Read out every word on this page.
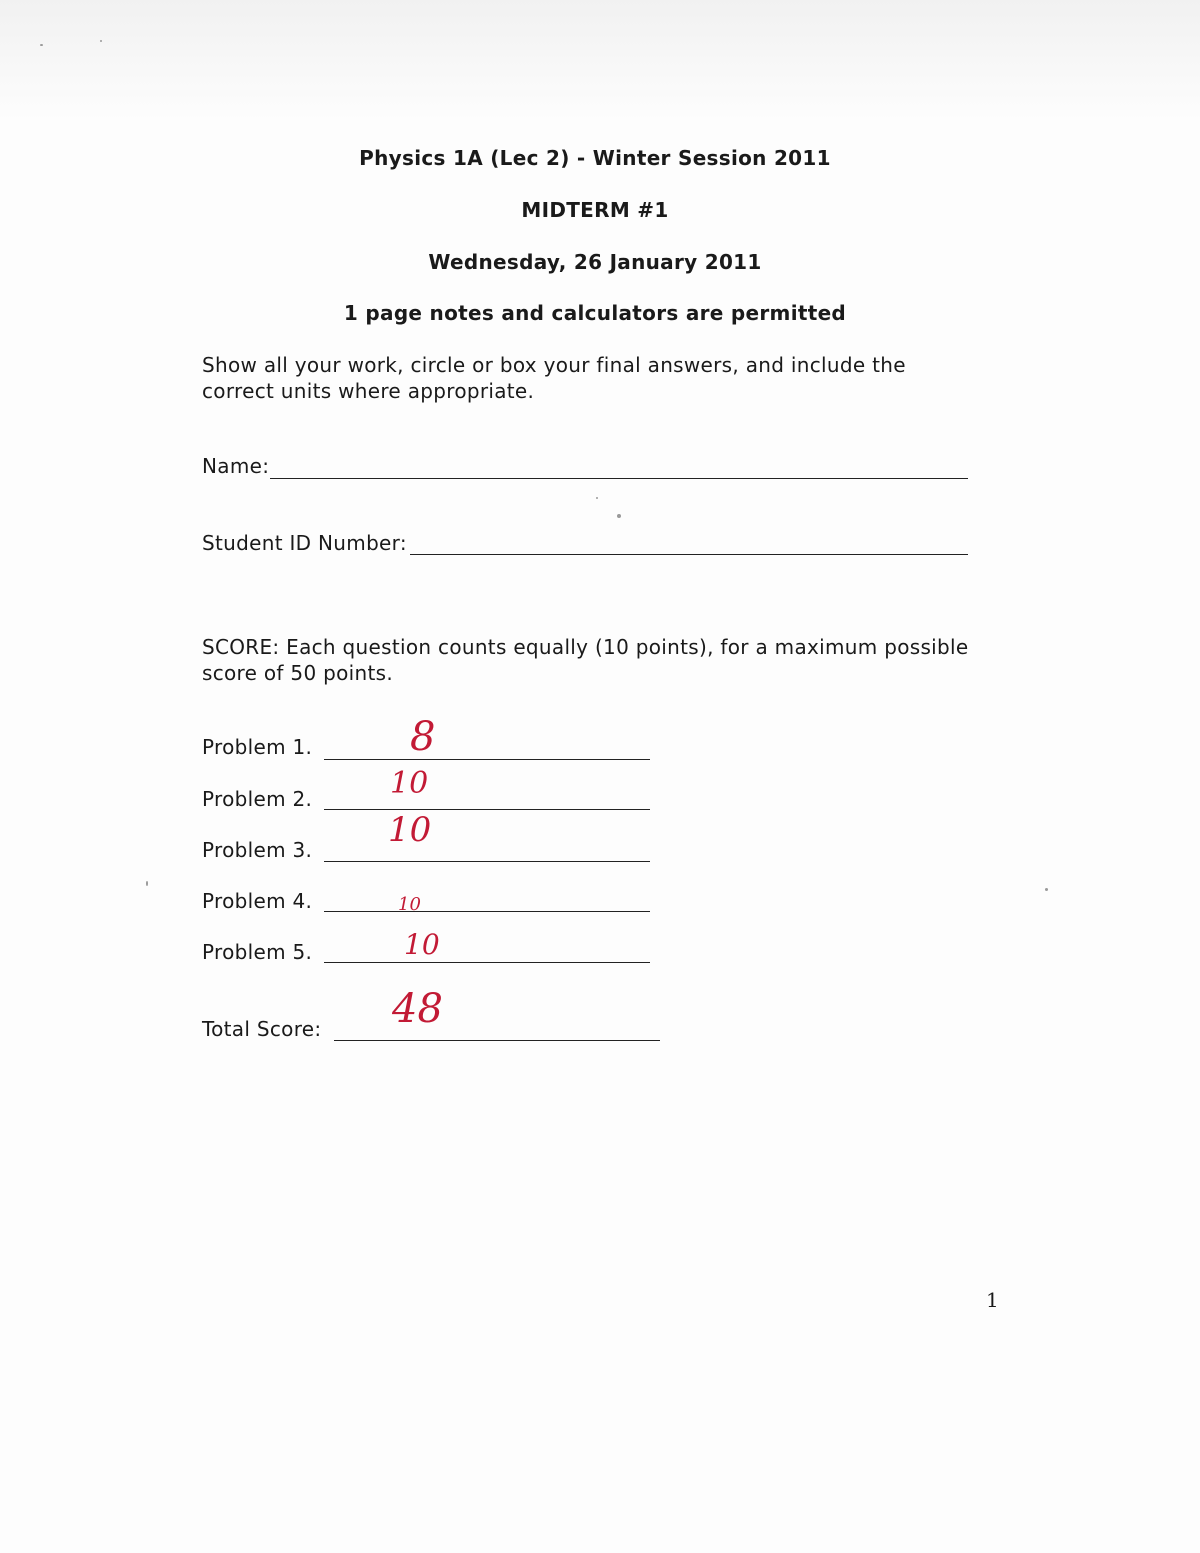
Physics 1A (Lec 2) - Winter Session 2011
MIDTERM #1
Wednesday, 26 January 2011
1 page notes and calculators are permitted
Show all your work, circle or box your final answers, and include the
correct units where appropriate.
Name:
Student ID Number:
SCORE: Each question counts equally (10 points), for a maximum possible
score of 50 points.
Problem 1. 8
Problem 2.	10
Problem 3. 10
Problem 4.	10
Problem 5.	10
Total Score: 48
1
